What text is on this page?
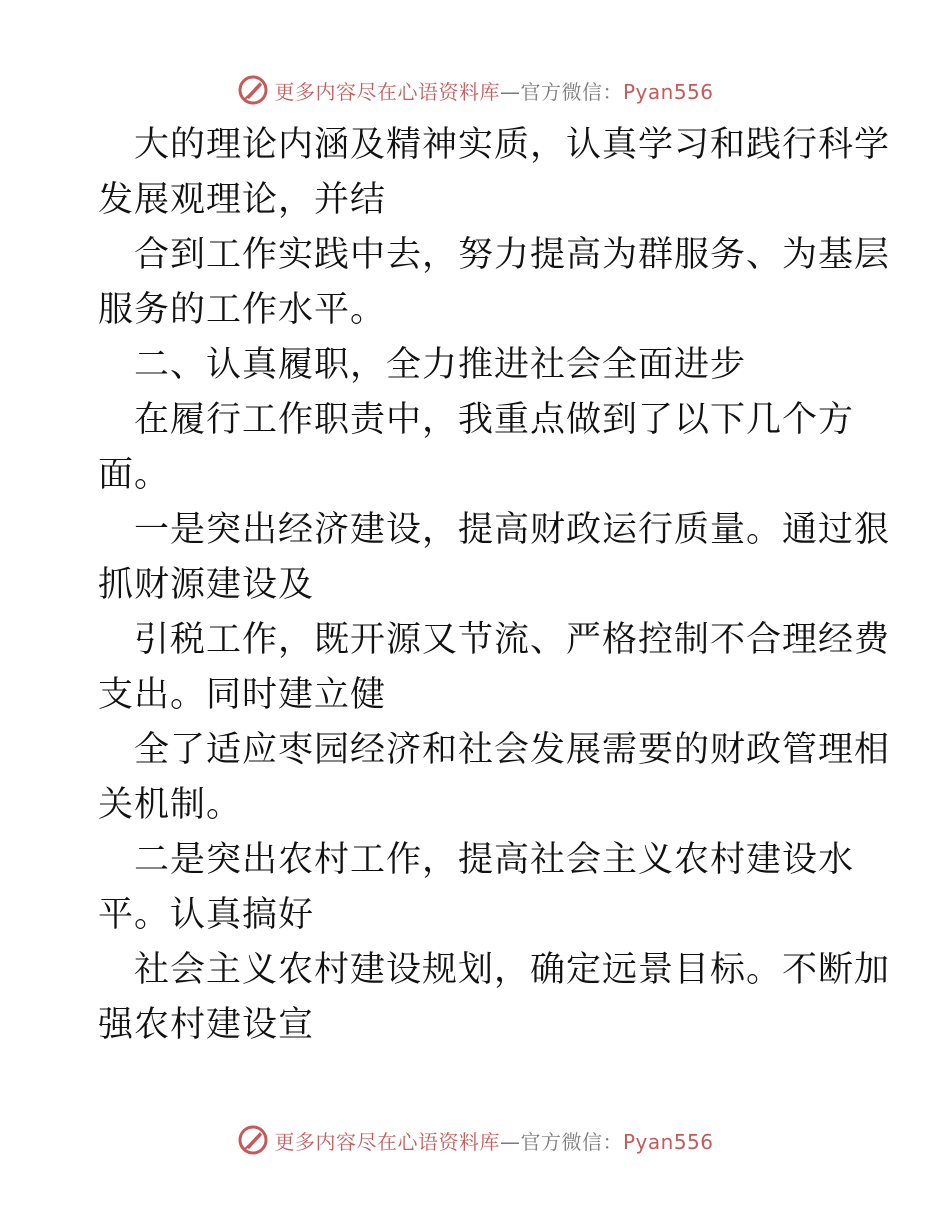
更多内容尽在心语资料库—官方微信：Pyan556

　大的理论内涵及精神实质，认真学习和践行科学

发展观理论，并结

　合到工作实践中去，努力提高为群服务、为基层

服务的工作水平。

　二、认真履职，全力推进社会全面进步

　在履行工作职责中，我重点做到了以下几个方

面。

　一是突出经济建设，提高财政运行质量。通过狠

抓财源建设及

　引税工作，既开源又节流、严格控制不合理经费

支出。同时建立健

　全了适应枣园经济和社会发展需要的财政管理相

关机制。

　二是突出农村工作，提高社会主义农村建设水

平。认真搞好

　社会主义农村建设规划，确定远景目标。不断加

强农村建设宣

更多内容尽在心语资料库—官方微信：Pyan556
